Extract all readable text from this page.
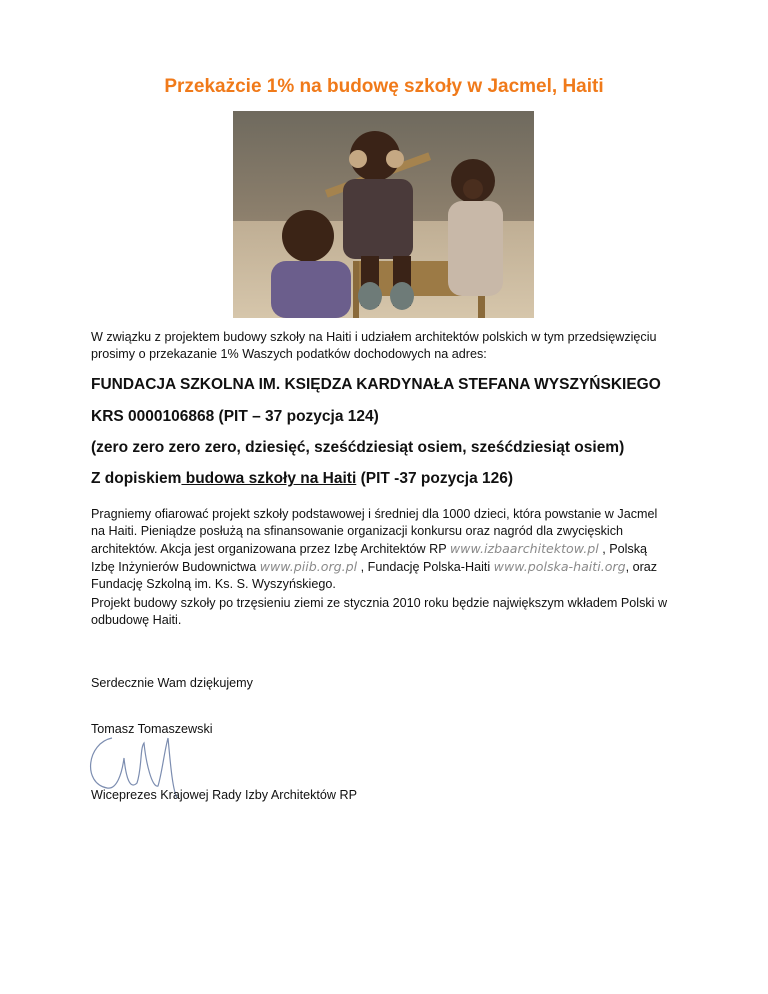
Przekażcie 1% na budowę szkoły w Jacmel, Haiti
W związku z projektem budowy szkoły na Haiti i udziałem architektów polskich w tym przedsięwzięciu prosimy o przekazanie 1% Waszych podatków dochodowych na adres:
FUNDACJA SZKOLNA IM. KSIĘDZA KARDYNAŁA STEFANA WYSZYŃSKIEGO
KRS 0000106868 (PIT – 37 pozycja 124)
(zero zero zero zero, dziesięć, sześćdziesiąt osiem, sześćdziesiąt osiem)
Z dopiskiem budowa szkoły na Haiti (PIT -37 pozycja 126)
Pragniemy ofiarować projekt szkoły podstawowej i średniej dla 1000 dzieci, która powstanie w Jacmel na Haiti. Pieniądze posłużą na sfinansowanie organizacji konkursu oraz nagród dla zwycięskich architektów. Akcja jest organizowana przez Izbę Architektów RP www.izbaarchitektow.pl , Polską Izbę Inżynierów Budownictwa www.piib.org.pl , Fundację Polska-Haiti www.polska-haiti.org, oraz Fundację Szkolną im. Ks. S. Wyszyńskiego.
Projekt budowy szkoły po trzęsieniu ziemi ze stycznia 2010 roku będzie największym wkładem Polski w odbudowę Haiti.
Serdecznie Wam dziękujemy
Tomasz Tomaszewski
Wiceprezes Krajowej Rady Izby Architektów RP
